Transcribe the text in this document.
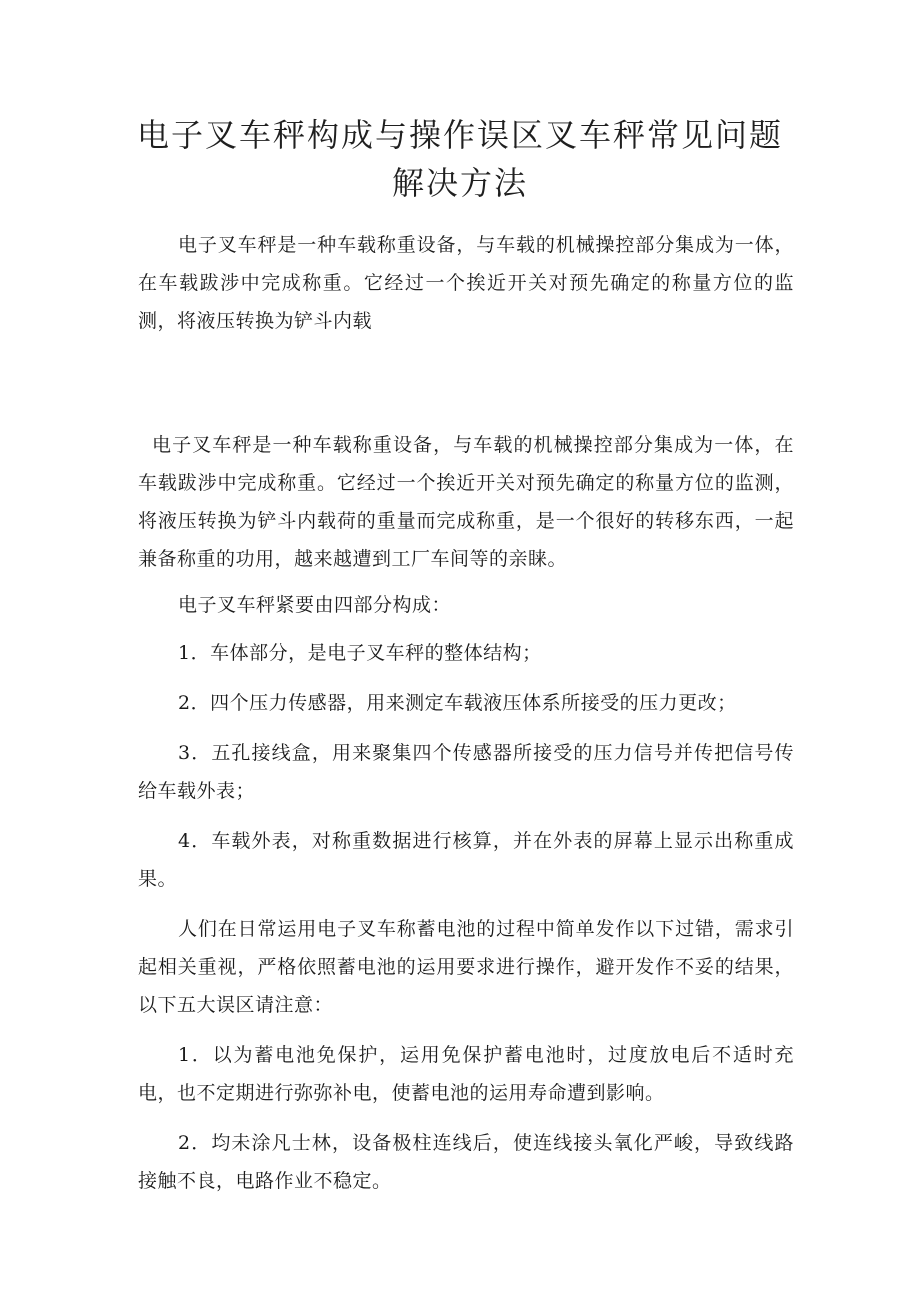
电子叉车秤构成与操作误区叉车秤常见问题
解决方法

电子叉车秤是一种车载称重设备，与车载的机械操控部分集成为一体，在车载跋涉中完成称重。它经过一个挨近开关对预先确定的称量方位的监测，将液压转换为铲斗内载

电子叉车秤是一种车载称重设备，与车载的机械操控部分集成为一体，在车载跋涉中完成称重。它经过一个挨近开关对预先确定的称量方位的监测，将液压转换为铲斗内载荷的重量而完成称重，是一个很好的转移东西，一起兼备称重的功用，越来越遭到工厂车间等的亲睐。

电子叉车秤紧要由四部分构成：

1．车体部分，是电子叉车秤的整体结构；

2．四个压力传感器，用来测定车载液压体系所接受的压力更改；

3．五孔接线盒，用来聚集四个传感器所接受的压力信号并传把信号传给车载外表；

4．车载外表，对称重数据进行核算，并在外表的屏幕上显示出称重成果。

人们在日常运用电子叉车称蓄电池的过程中简单发作以下过错，需求引起相关重视，严格依照蓄电池的运用要求进行操作，避开发作不妥的结果，以下五大误区请注意：

1．以为蓄电池免保护，运用免保护蓄电池时，过度放电后不适时充电，也不定期进行弥弥补电，使蓄电池的运用寿命遭到影响。

2．均未涂凡士林，设备极柱连线后，使连线接头氧化严峻，导致线路接触不良，电路作业不稳定。
